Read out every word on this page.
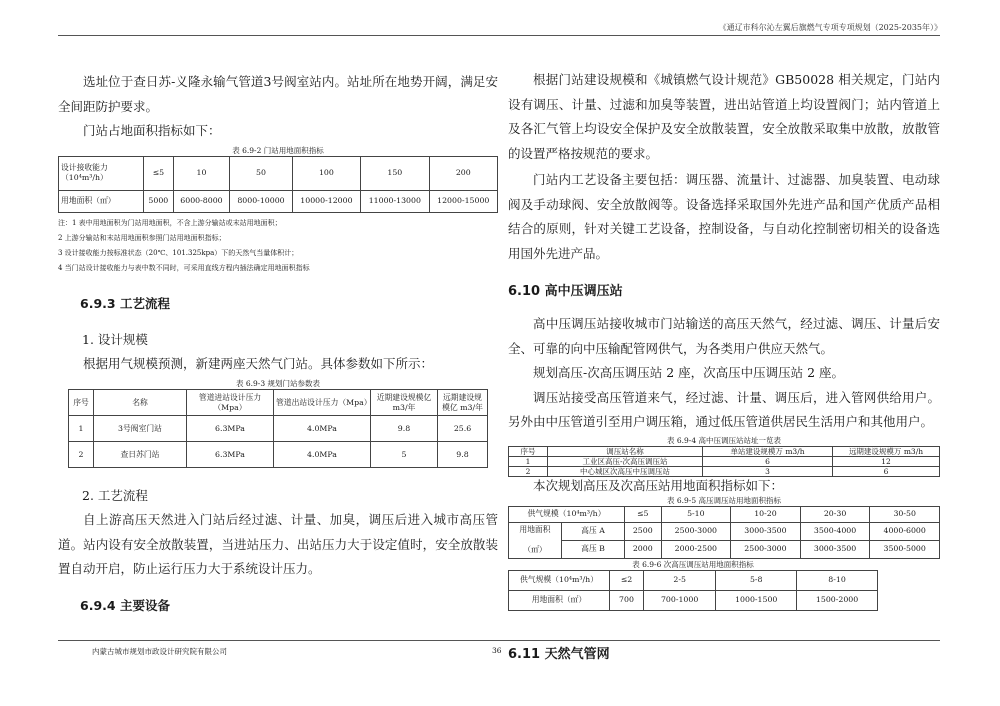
《通辽市科尔沁左翼后旗燃气专项专项规划（2025-2035年）》

选址位于查日苏-义隆永输气管道3号阀室站内。站址所在地势开阔，满足安全间距防护要求。

门站占地面积指标如下：

表 6.9-2 门站用地面积指标
设计接收能力
（10⁴m³/h）	≤5	10	50	100	150	200
用地面积（㎡）	5000	6000-8000	8000-10000	10000-12000	11000-13000	12000-15000
注：1 表中用地面积为门站用地面积，不含上游分输站或末站用地面积；
2 上游分输站和末站用地面积参照门站用地面积指标；
3 设计接收能力按标准状态（20℃、101.325kpa）下的天然气当量体积计；
4 当门站设计接收能力与表中数不同时，可采用直线方程内插法确定用地面积指标
6.9.3 工艺流程
1. 设计规模

根据用气规模预测，新建两座天然气门站。具体参数如下所示：

表 6.9-3 规划门站参数表
序号	名称	管道进站设计压力（Mpa）	管道出站设计压力（Mpa）	近期建设规模亿 m3/年	远期建设规模亿 m3/年
1	3号阀室门站	6.3MPa	4.0MPa	9.8	25.6
2	查日苏门站	6.3MPa	4.0MPa	5	9.8
2. 工艺流程

自上游高压天然进入门站后经过滤、计量、加臭，调压后进入城市高压管道。站内设有安全放散装置，当进站压力、出站压力大于设定值时，安全放散装置自动开启，防止运行压力大于系统设计压力。

6.9.4 主要设备

根据门站建设规模和《城镇燃气设计规范》GB50028 相关规定，门站内设有调压、计量、过滤和加臭等装置，进出站管道上均设置阀门；站内管道上及各汇气管上均设安全保护及安全放散装置，安全放散采取集中放散，放散管的设置严格按规范的要求。

门站内工艺设备主要包括：调压器、流量计、过滤器、加臭装置、电动球阀及手动球阀、安全放散阀等。设备选择采取国外先进产品和国产优质产品相结合的原则，针对关键工艺设备，控制设备，与自动化控制密切相关的设备选用国外先进产品。

6.10 高中压调压站

高中压调压站接收城市门站输送的高压天然气，经过滤、调压、计量后安全、可靠的向中压输配管网供气，为各类用户供应天然气。

规划高压-次高压调压站 2 座，次高压中压调压站 2 座。

调压站接受高压管道来气，经过滤、计量、调压后，进入管网供给用户。另外由中压管道引至用户调压箱，通过低压管道供居民生活用户和其他用户。

表 6.9-4 高中压调压站站址一览表
序号	调压站名称	单站建设规模万 m3/h	远期建设规模万 m3/h
1	工业区高压-次高压调压站	6	12
2	中心城区次高压中压调压站	3	6

本次规划高压及次高压站用地面积指标如下：

表 6.9-5 高压调压站用地面积指标
供气规模（10⁴m³/h）		≤5	5-10	10-20	20-30	30-50
用地面积

（㎡）	高压 A	2500	2500-3000	3000-3500	3500-4000	4000-6000
	高压 B	2000	2000-2500	2500-3000	3000-3500	3500-5000
表 6.9-6 次高压调压站用地面积指标
供气规模（10⁴m³/h）	≤2	2-5	5-8	8-10
用地面积（㎡）	700	700-1000	1000-1500	1500-2000
6.11 天然气管网
内蒙古城市规划市政设计研究院有限公司	36
